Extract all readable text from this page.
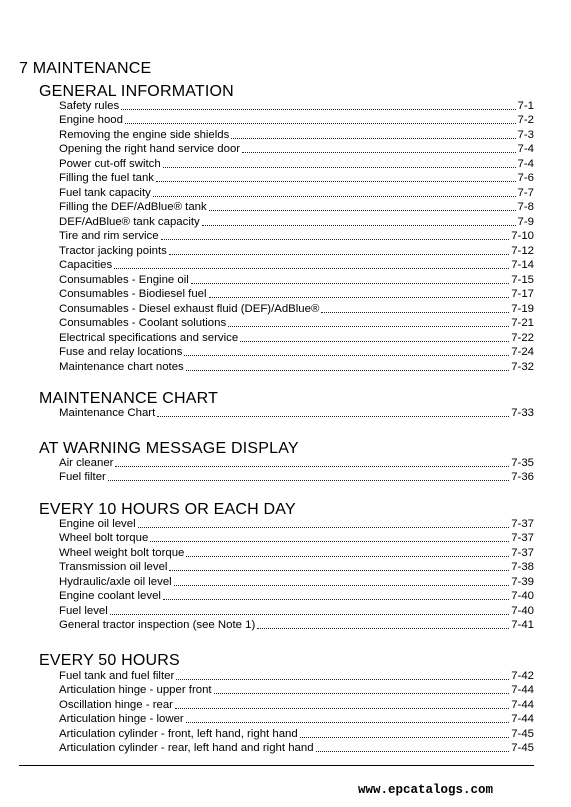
7 MAINTENANCE
GENERAL INFORMATION
Safety rules	7-1
Engine hood	7-2
Removing the engine side shields	7-3
Opening the right hand service door	7-4
Power cut-off switch	7-4
Filling the fuel tank	7-6
Fuel tank capacity	7-7
Filling the DEF/AdBlue® tank	7-8
DEF/AdBlue® tank capacity	7-9
Tire and rim service	7-10
Tractor jacking points	7-12
Capacities	7-14
Consumables - Engine oil	7-15
Consumables - Biodiesel fuel	7-17
Consumables - Diesel exhaust fluid (DEF)/AdBlue®	7-19
Consumables - Coolant solutions	7-21
Electrical specifications and service	7-22
Fuse and relay locations	7-24
Maintenance chart notes	7-32
MAINTENANCE CHART
Maintenance Chart	7-33
AT WARNING MESSAGE DISPLAY
Air cleaner	7-35
Fuel filter	7-36
EVERY 10 HOURS OR EACH DAY
Engine oil level	7-37
Wheel bolt torque	7-37
Wheel weight bolt torque	7-37
Transmission oil level	7-38
Hydraulic/axle oil level	7-39
Engine coolant level	7-40
Fuel level	7-40
General tractor inspection (see Note 1)	7-41
EVERY 50 HOURS
Fuel tank and fuel filter	7-42
Articulation hinge - upper front	7-44
Oscillation hinge - rear	7-44
Articulation hinge - lower	7-44
Articulation cylinder - front, left hand, right hand	7-45
Articulation cylinder - rear, left hand and right hand	7-45
www.epcatalogs.com
